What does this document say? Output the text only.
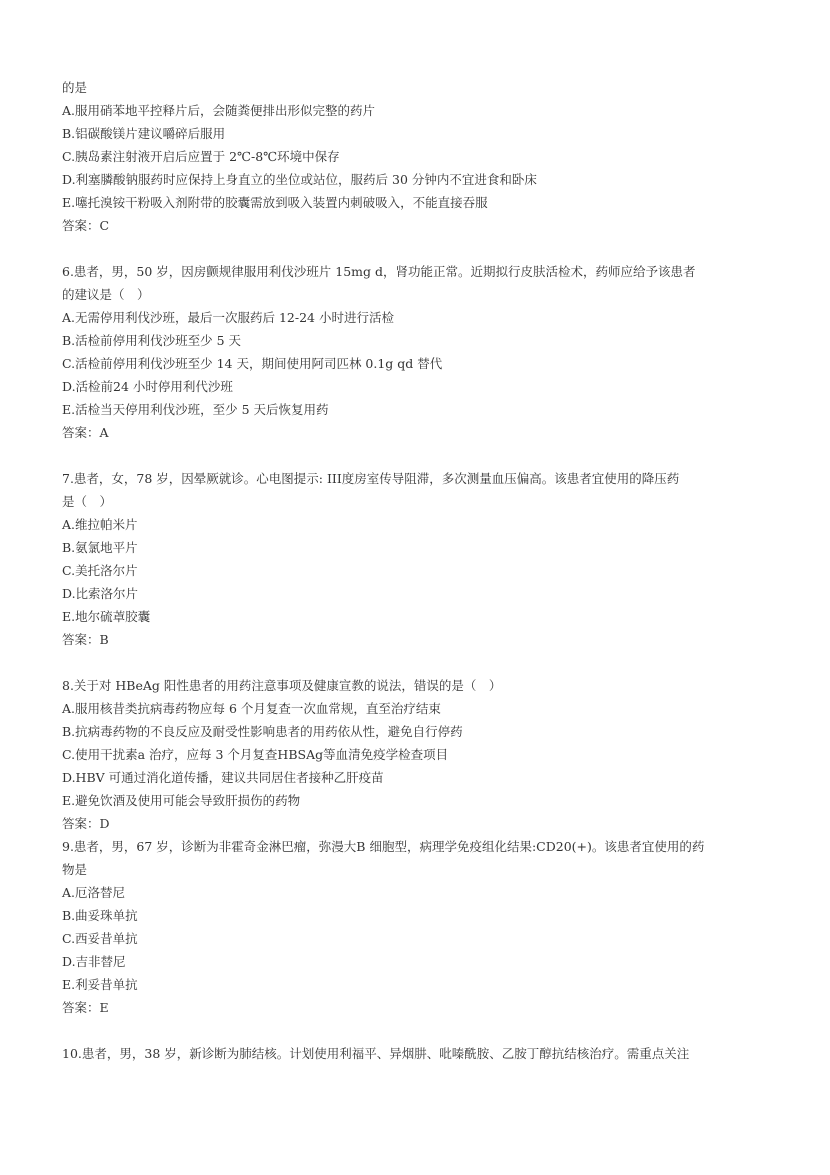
的是
A.服用硝苯地平控释片后，会随粪便排出形似完整的药片
B.铝碳酸镁片建议嚼碎后服用
C.胰岛素注射液开启后应置于 2℃-8℃环境中保存
D.利塞膦酸钠服药时应保持上身直立的坐位或站位，服药后 30 分钟内不宜进食和卧床
E.噻托溴铵干粉吸入剂附带的胶囊需放到吸入装置内刺破吸入，不能直接吞服
答案：C
6.患者，男，50 岁，因房颤规律服用利伐沙班片 15mg d，肾功能正常。近期拟行皮肤活检术，药师应给予该患者
的建议是（　）
A.无需停用利伐沙班，最后一次服药后 12-24 小时进行活检
B.活检前停用利伐沙班至少 5 天
C.活检前停用利伐沙班至少 14 天，期间使用阿司匹林 0.1g qd 替代
D.活检前24 小时停用利代沙班
E.活检当天停用利伐沙班，至少 5 天后恢复用药
答案：A
7.患者，女，78 岁，因晕厥就诊。心电图提示: III度房室传导阻滞，多次测量血压偏高。该患者宜使用的降压药
是（　）
A.维拉帕米片
B.氨氯地平片
C.美托洛尔片
D.比索洛尔片
E.地尔硫䓬胶囊
答案：B
8.关于对 HBeAg 阳性患者的用药注意事项及健康宣教的说法，错误的是（　）
A.服用核昔类抗病毒药物应每 6 个月复查一次血常规，直至治疗结束
B.抗病毒药物的不良反应及耐受性影响患者的用药依从性，避免自行停药
C.使用干扰素a 治疗，应每 3 个月复查HBSAg等血清免疫学检查项目
D.HBV 可通过消化道传播，建议共同居住者接种乙肝疫苗
E.避免饮酒及使用可能会导致肝损伤的药物
答案：D
9.患者，男，67 岁，诊断为非霍奇金淋巴瘤，弥漫大B 细胞型，病理学免疫组化结果:CD20(+)。该患者宜使用的药
物是
A.厄洛替尼
B.曲妥珠单抗
C.西妥昔单抗
D.吉非替尼
E.利妥昔单抗
答案：E
10.患者，男，38 岁，新诊断为肺结核。计划使用利福平、异烟肼、吡嗪酰胺、乙胺丁醇抗结核治疗。需重点关注
